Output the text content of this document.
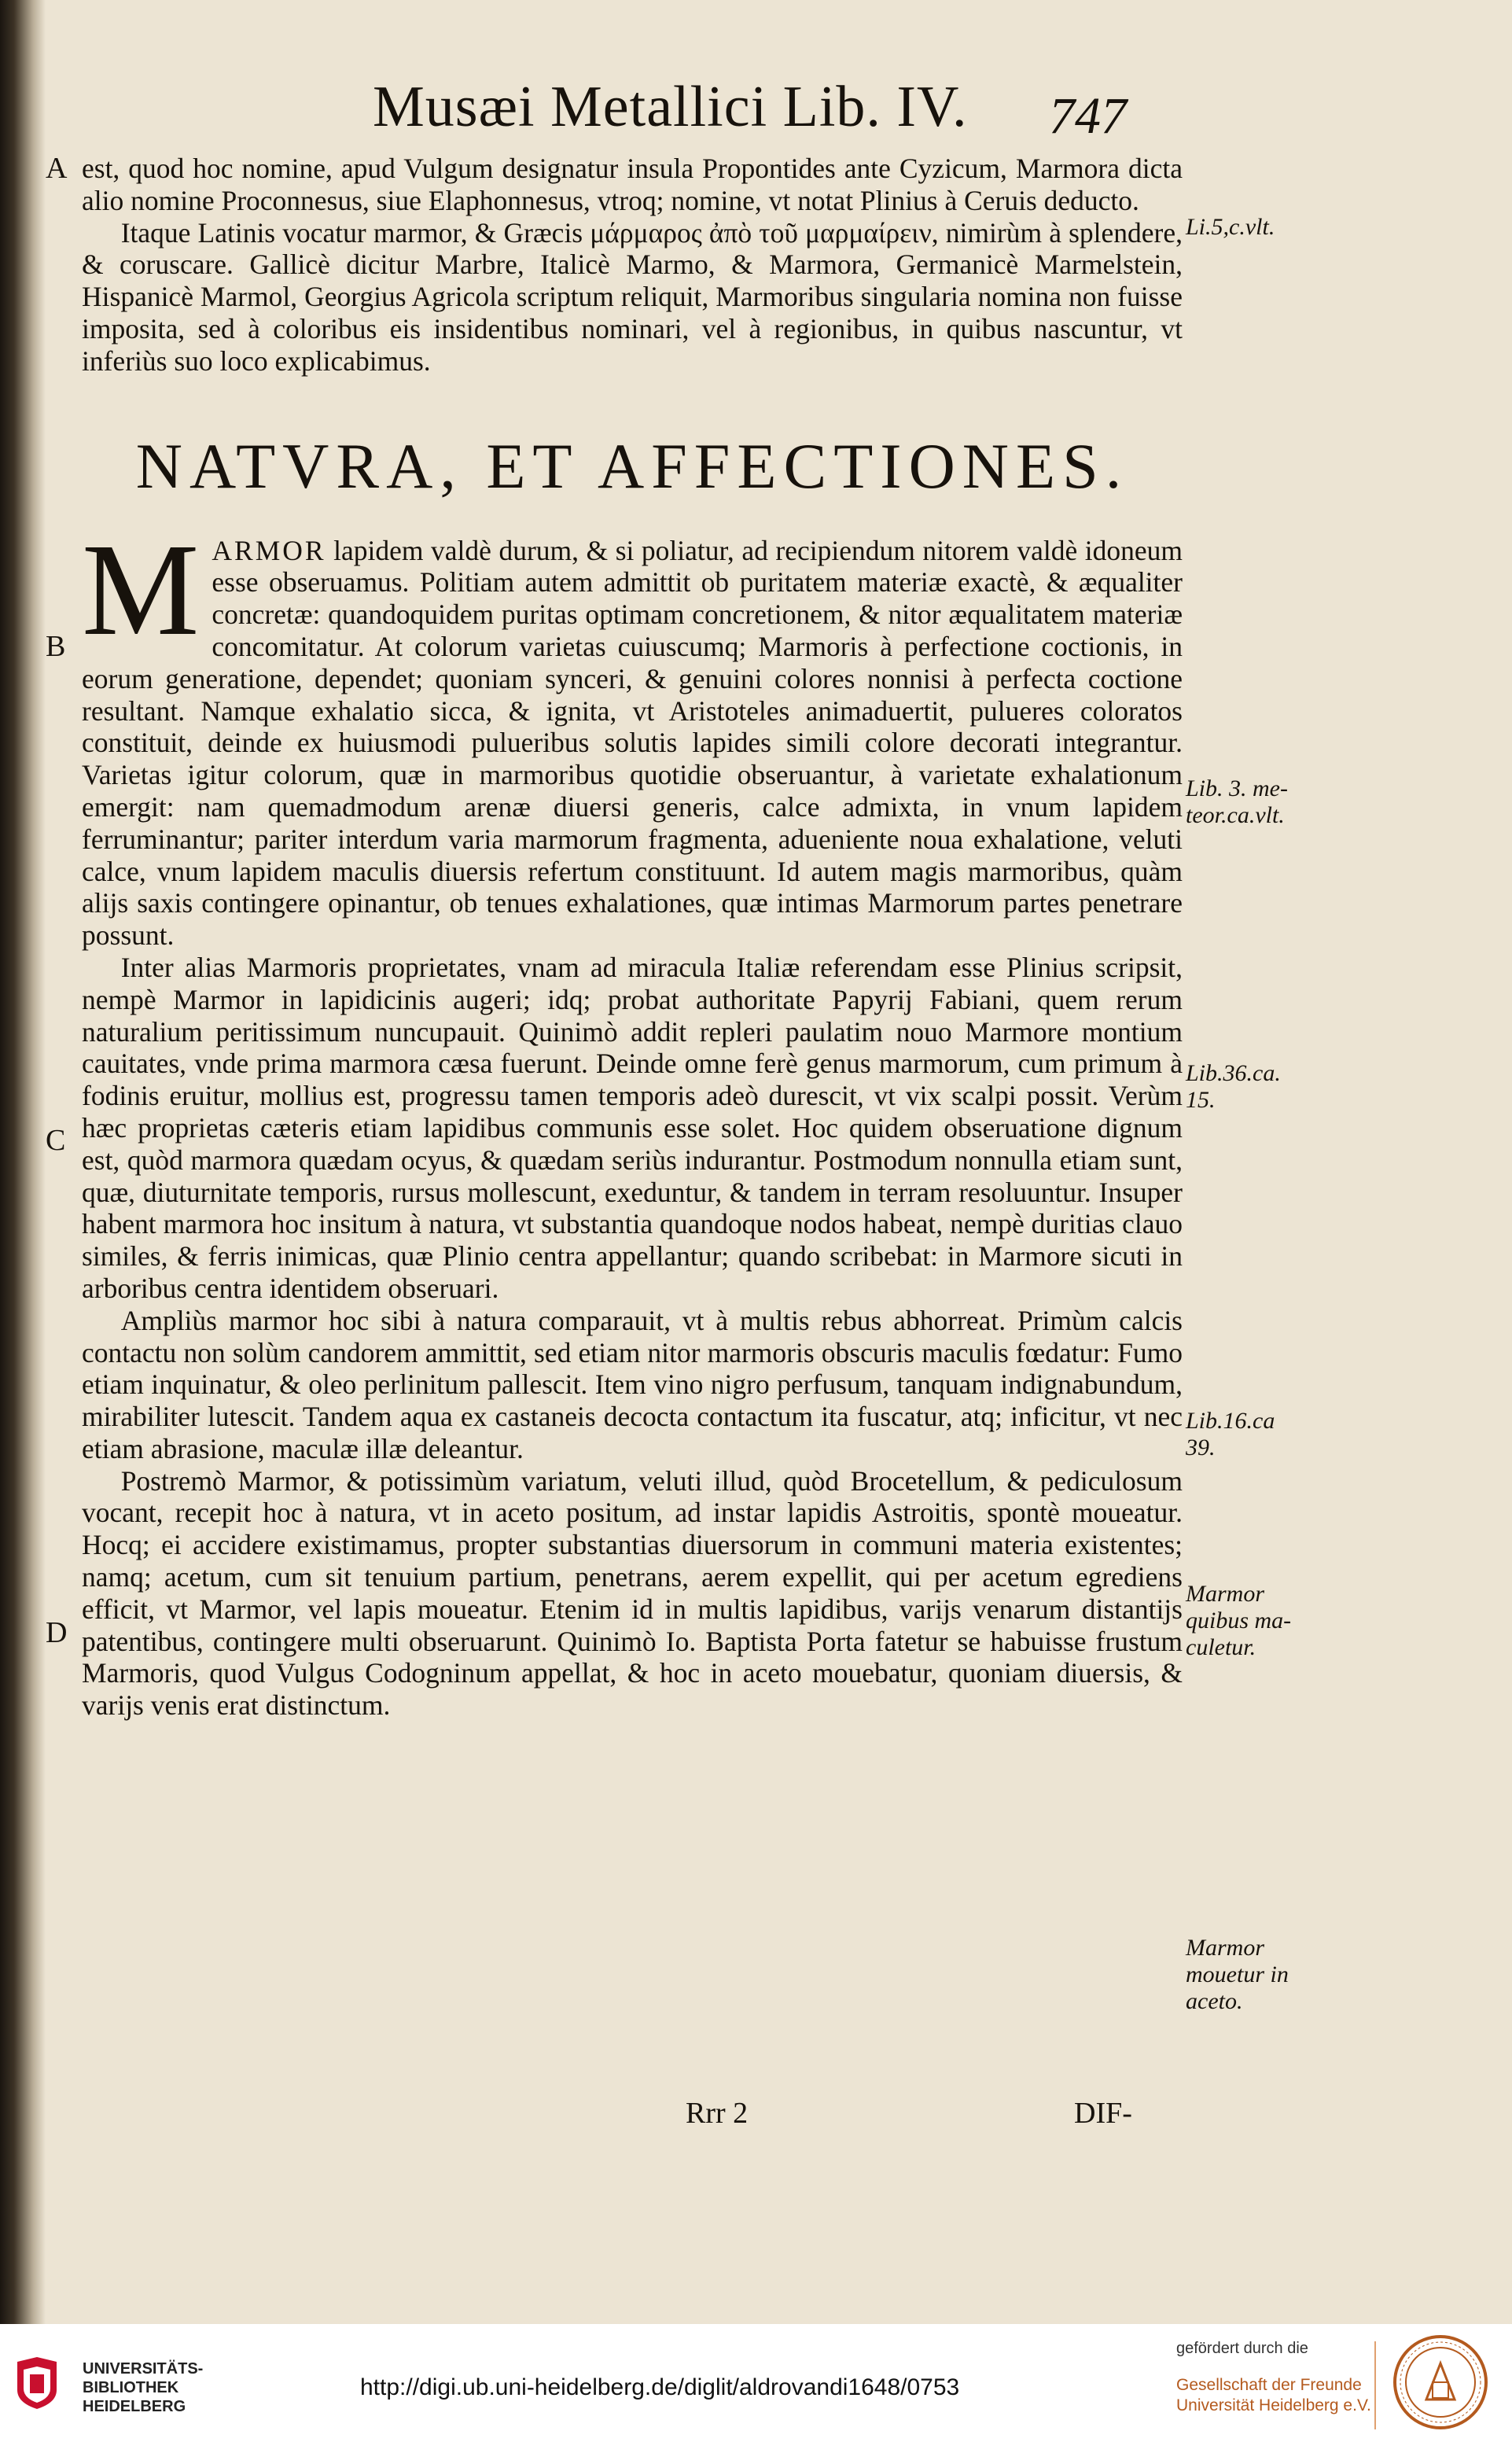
Musæi Metallici Lib. IV. 747

est, quod hoc nomine, apud Vulgum designatur insula Propontides ante Cyzicum, Marmora dicta alio nomine Proconnesus, siue Elaphonnesus, vtroq; nomine, vt notat Plinius à Ceruis deducto.

Itaque Latinis vocatur marmor, & Græcis μάρμαρος ἀπὸ τοῦ μαρμαίρειν, nimirùm à splendere, & coruscare. Gallicè dicitur Marbre, Italicè Marmo, & Marmora, Germanicè Marmelstein, Hispanicè Marmol, Georgius Agricola scriptum reliquit, Marmoribus singularia nomina non fuisse imposita, sed à coloribus eis insidentibus nominari, vel à regionibus, in quibus nascuntur, vt inferiùs suo loco explicabimus.

NATVRA, ET AFFECTIONES.

MARMOR lapidem valdè durum, & si poliatur, ad recipiendum nitorem valdè idoneum esse obseruamus. Politiam autem admittit ob puritatem materiæ exactè, & æqualiter concretæ: quandoquidem puritas optimam concretionem, & nitor æqualitatem materiæ concomitatur. At colorum varietas cuiuscumq; Marmoris à perfectione coctionis, in eorum generatione, dependet; quoniam synceri, & genuini colores nonnisi à perfecta coctione resultant. Namque exhalatio sicca, & ignita, vt Aristoteles animaduertit, pulueres coloratos constituit, deinde ex huiusmodi pulueribus solutis lapides simili colore decorati integrantur. Varietas igitur colorum, quæ in marmoribus quotidie obseruantur, à varietate exhalationum emergit: nam quemadmodum arenæ diuersi generis, calce admixta, in vnum lapidem ferruminantur; pariter interdum varia marmorum fragmenta, adueniente noua exhalatione, veluti calce, vnum lapidem maculis diuersis refertum constituunt. Id autem magis marmoribus, quàm alijs saxis contingere opinantur, ob tenues exhalationes, quæ intimas Marmorum partes penetrare possunt.

Inter alias Marmoris proprietates, vnam ad miracula Italiæ referendam esse Plinius scripsit, nempè Marmor in lapidicinis augeri; idq; probat authoritate Papyrij Fabiani, quem rerum naturalium peritissimum nuncupauit. Quinimò addit repleri paulatim nouo Marmore montium cauitates, vnde prima marmora cæsa fuerunt. Deinde omne ferè genus marmorum, cum primum à fodinis eruitur, mollius est, progressu tamen temporis adeò durescit, vt vix scalpi possit. Verùm hæc proprietas cæteris etiam lapidibus communis esse solet. Hoc quidem obseruatione dignum est, quòd marmora quædam ocyus, & quædam seriùs indurantur. Postmodum nonnulla etiam sunt, quæ, diuturnitate temporis, rursus mollescunt, exeduntur, & tandem in terram resoluuntur. Insuper habent marmora hoc insitum à natura, vt substantia quandoque nodos habeat, nempè duritias clauo similes, & ferris inimicas, quæ Plinio centra appellantur; quando scribebat: in Marmore sicuti in arboribus centra identidem obseruari.

Ampliùs marmor hoc sibi à natura comparauit, vt à multis rebus abhorreat. Primùm calcis contactu non solùm candorem ammittit, sed etiam nitor marmoris obscuris maculis fœdatur: Fumo etiam inquinatur, & oleo perlinitum pallescit. Item vino nigro perfusum, tanquam indignabundum, mirabiliter lutescit. Tandem aqua ex castaneis decocta contactum ita fuscatur, atq; inficitur, vt nec etiam abrasione, maculæ illæ deleantur.

Postremò Marmor, & potissimùm variatum, veluti illud, quòd Brocetellum, & pediculosum vocant, recepit hoc à natura, vt in aceto positum, ad instar lapidis Astroitis, spontè moueatur. Hocq; ei accidere existimamus, propter substantias diuersorum in communi materia existentes; namq; acetum, cum sit tenuium partium, penetrans, aerem expellit, qui per acetum egrediens efficit, vt Marmor, vel lapis moueatur. Etenim id in multis lapidibus, varijs venarum distantijs patentibus, contingere multi obseruarunt. Quinimò Io. Baptista Porta fatetur se habuisse frustum Marmoris, quod Vulgus Codogninum appellat, & hoc in aceto mouebatur, quoniam diuersis, & varijs venis erat distinctum.

A
B
C
D
Li.5,c.vlt.
Lib. 3. me-
teor.ca.vlt.
Lib.36.ca.
15.
Lib.16.ca
39.
Marmor
quibus ma-
culetur.
Marmor
mouetur in
aceto.
Rrr 2	DIF-
UNIVERSITÄTS-
BIBLIOTHEK
HEIDELBERG
http://digi.ub.uni-heidelberg.de/diglit/aldrovandi1648/0753
gefördert durch die
Gesellschaft der Freunde
Universität Heidelberg e.V.
